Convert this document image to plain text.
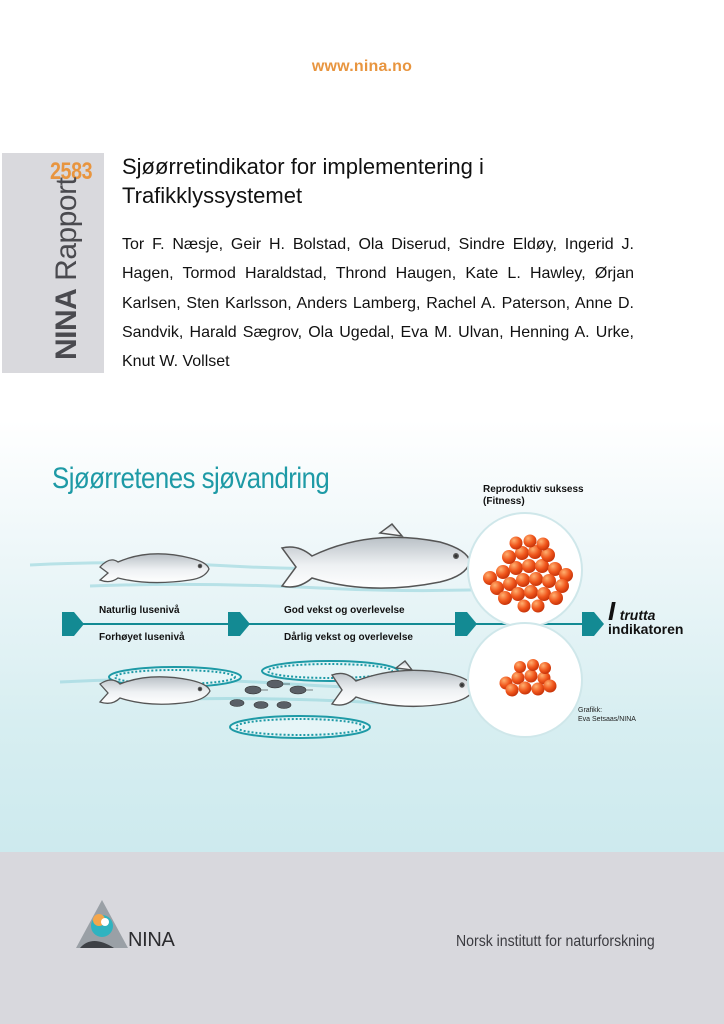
www.nina.no
2583
NINA Rapport
Sjøørretindikator for implementering i
Trafikklyssystemet
Tor F. Næsje, Geir H. Bolstad, Ola Diserud, Sindre Eldøy, Ingerid J. Hagen, Tormod Haraldstad, Thrond Haugen, Kate L. Hawley, Ørjan Karlsen, Sten Karlsson, Anders Lamberg, Rachel A. Paterson, Anne D. Sandvik, Harald Sægrov, Ola Ugedal, Eva M. Ulvan, Henning A. Urke, Knut W. Vollset
Sjøørretenes sjøvandring	Reproduktiv suksess
(Fitness)
Naturlig lusenivå
Forhøyet lusenivå
God vekst og overlevelse
Dårlig vekst og overlevelse
I trutta
indikatoren
Grafikk:
Eva Setsaas/NINA
NINA	Norsk institutt for naturforskning
